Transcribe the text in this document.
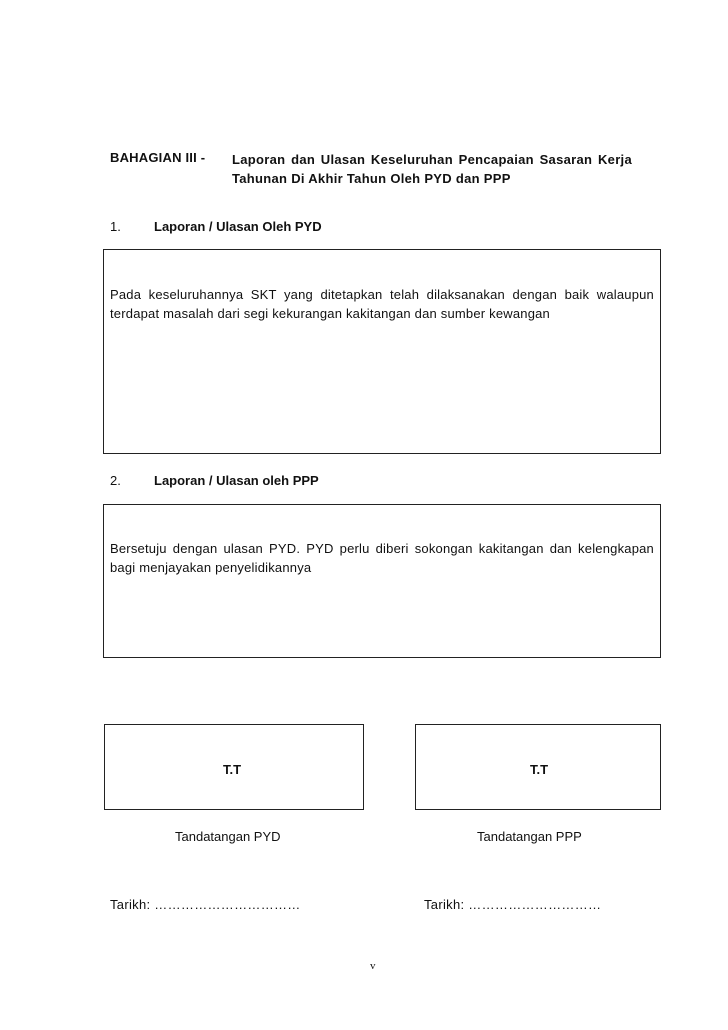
BAHAGIAN III - Laporan dan Ulasan Keseluruhan Pencapaian Sasaran Kerja Tahunan Di Akhir Tahun Oleh PYD dan PPP
1.	Laporan / Ulasan Oleh PYD
Pada keseluruhannya SKT yang ditetapkan telah dilaksanakan dengan baik walaupun terdapat masalah dari segi kekurangan kakitangan dan sumber kewangan
2.	Laporan / Ulasan oleh PPP
Bersetuju dengan ulasan PYD. PYD perlu diberi sokongan kakitangan dan kelengkapan bagi menjayakan penyelidikannya
T.T	T.T
Tandatangan PYD	Tandatangan PPP
Tarikh: ……………………………	Tarikh: …………………………
v
